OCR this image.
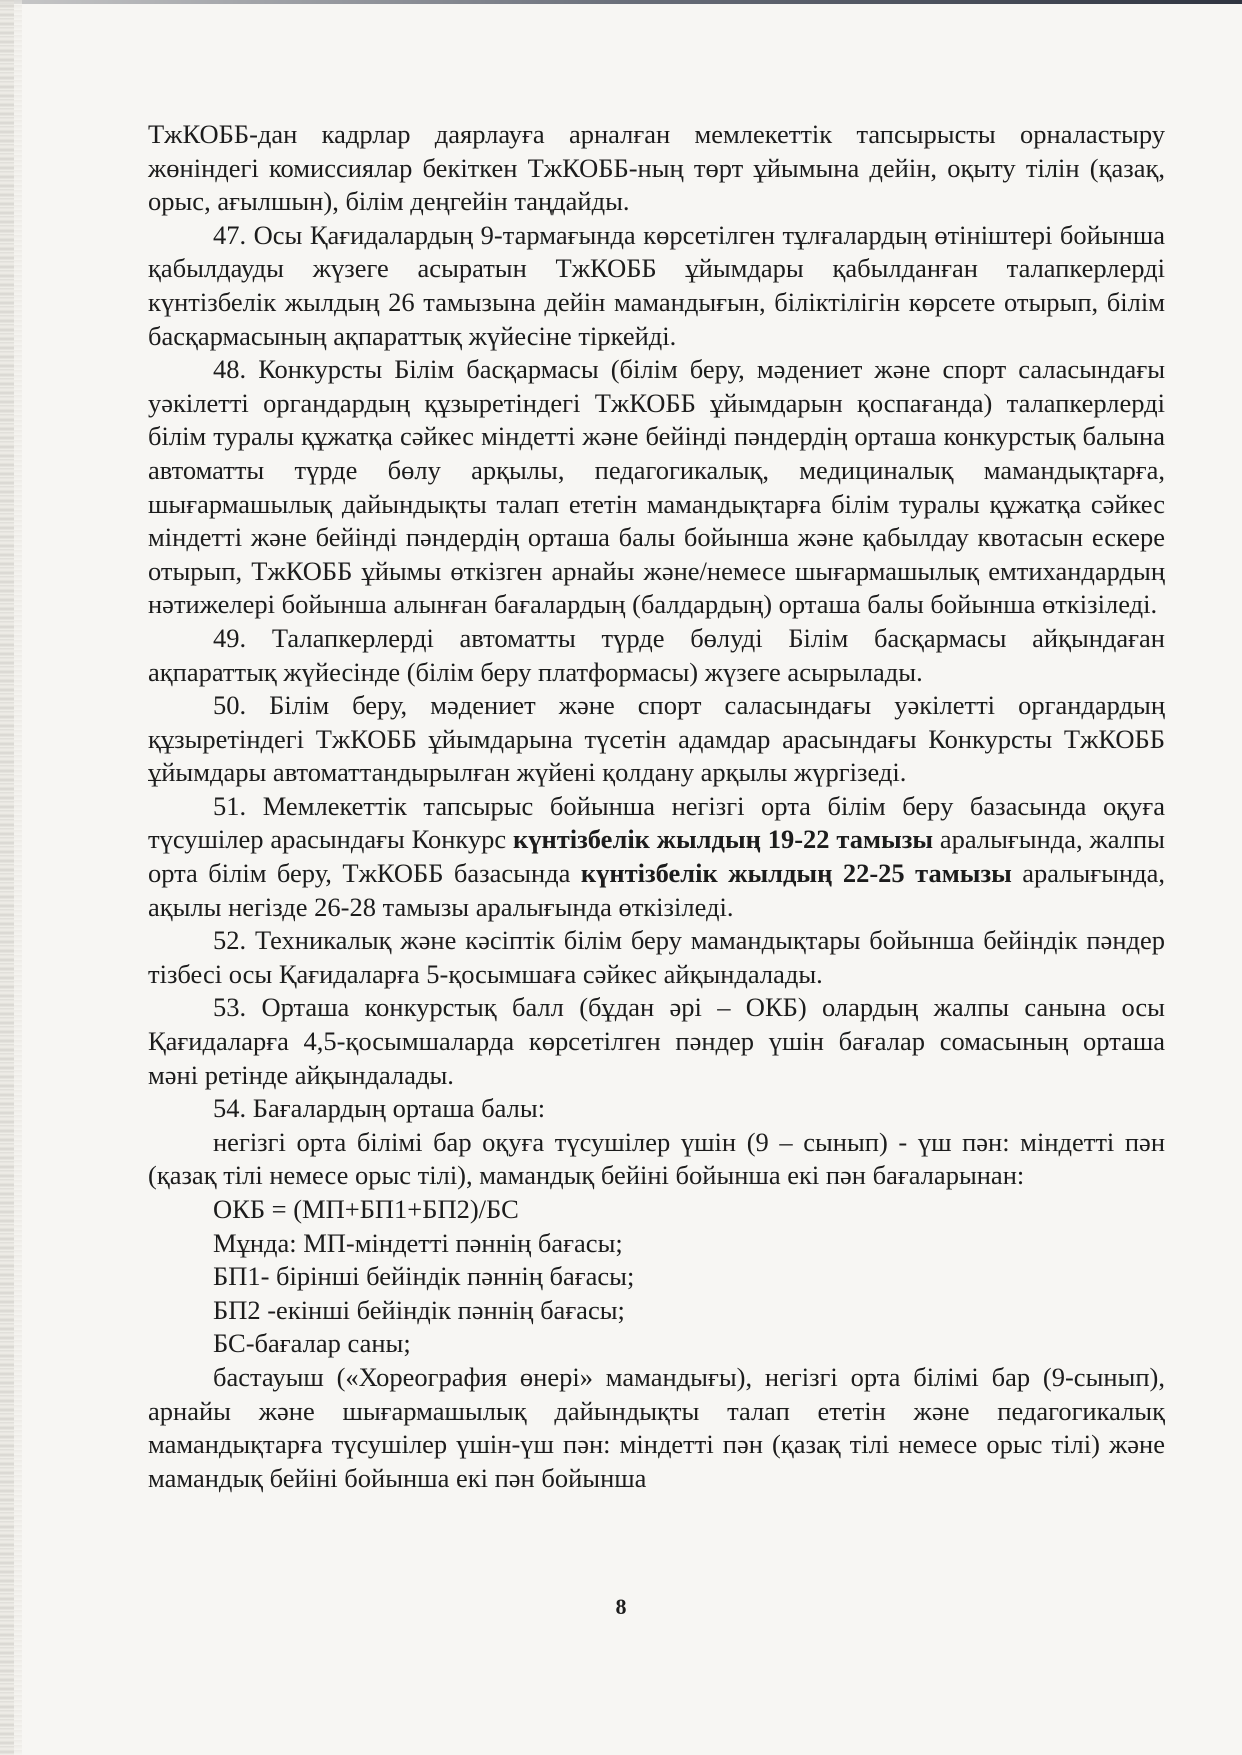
ТжКОББ-дан кадрлар даярлауға арналған мемлекеттік тапсырысты орналастыру жөніндегі комиссиялар бекіткен ТжКОББ-ның төрт ұйымына дейін, оқыту тілін (қазақ, орыс, ағылшын), білім деңгейін таңдайды.

47. Осы Қағидалардың 9-тармағында көрсетілген тұлғалардың өтініштері бойынша қабылдауды жүзеге асыратын ТжКОББ ұйымдары қабылданған талапкерлерді күнтізбелік жылдың 26 тамызына дейін мамандығын, біліктілігін көрсете отырып, білім басқармасының ақпараттық жүйесіне тіркейді.

48. Конкурсты Білім басқармасы (білім беру, мәдениет және спорт саласындағы уәкілетті органдардың құзыретіндегі ТжКОББ ұйымдарын қоспағанда) талапкерлерді білім туралы құжатқа сәйкес міндетті және бейінді пәндердің орташа конкурстық балына автоматты түрде бөлу арқылы, педагогикалық, медициналық мамандықтарға, шығармашылық дайындықты талап ететін мамандықтарға білім туралы құжатқа сәйкес міндетті және бейінді пәндердің орташа балы бойынша және қабылдау квотасын ескере отырып, ТжКОББ ұйымы өткізген арнайы және/немесе шығармашылық емтихандардың нәтижелері бойынша алынған бағалардың (балдардың) орташа балы бойынша өткізіледі.

49. Талапкерлерді автоматты түрде бөлуді Білім басқармасы айқындаған ақпараттық жүйесінде (білім беру платформасы) жүзеге асырылады.

50. Білім беру, мәдениет және спорт саласындағы уәкілетті органдардың құзыретіндегі ТжКОББ ұйымдарына түсетін адамдар арасындағы Конкурсты ТжКОББ ұйымдары автоматтандырылған жүйені қолдану арқылы жүргізеді.

51. Мемлекеттік тапсырыс бойынша негізгі орта білім беру базасында оқуға түсушілер арасындағы Конкурс күнтізбелік жылдың 19-22 тамызы аралығында, жалпы орта білім беру, ТжКОББ базасында күнтізбелік жылдың 22-25 тамызы аралығында, ақылы негізде 26-28 тамызы аралығында өткізіледі.

52. Техникалық және кәсіптік білім беру мамандықтары бойынша бейіндік пәндер тізбесі осы Қағидаларға 5-қосымшаға сәйкес айқындалады.

53. Орташа конкурстық балл (бұдан әрі – ОКБ) олардың жалпы санына осы Қағидаларға 4,5-қосымшаларда көрсетілген пәндер үшін бағалар сомасының орташа мәні ретінде айқындалады.

54. Бағалардың орташа балы:

негізгі орта білімі бар оқуға түсушілер үшін (9 – сынып) - үш пән: міндетті пән (қазақ тілі немесе орыс тілі), мамандық бейіні бойынша екі пән бағаларынан:

ОКБ = (МП+БП1+БП2)/БС

Мұнда: МП-міндетті пәннің бағасы;

БП1- бірінші бейіндік пәннің бағасы;

БП2 -екінші бейіндік пәннің бағасы;

БС-бағалар саны;

бастауыш («Хореография өнері» мамандығы), негізгі орта білімі бар (9-сынып), арнайы және шығармашылық дайындықты талап ететін және педагогикалық мамандықтарға түсушілер үшін-үш пән: міндетті пән (қазақ тілі немесе орыс тілі) және мамандық бейіні бойынша екі пән бойынша

8
